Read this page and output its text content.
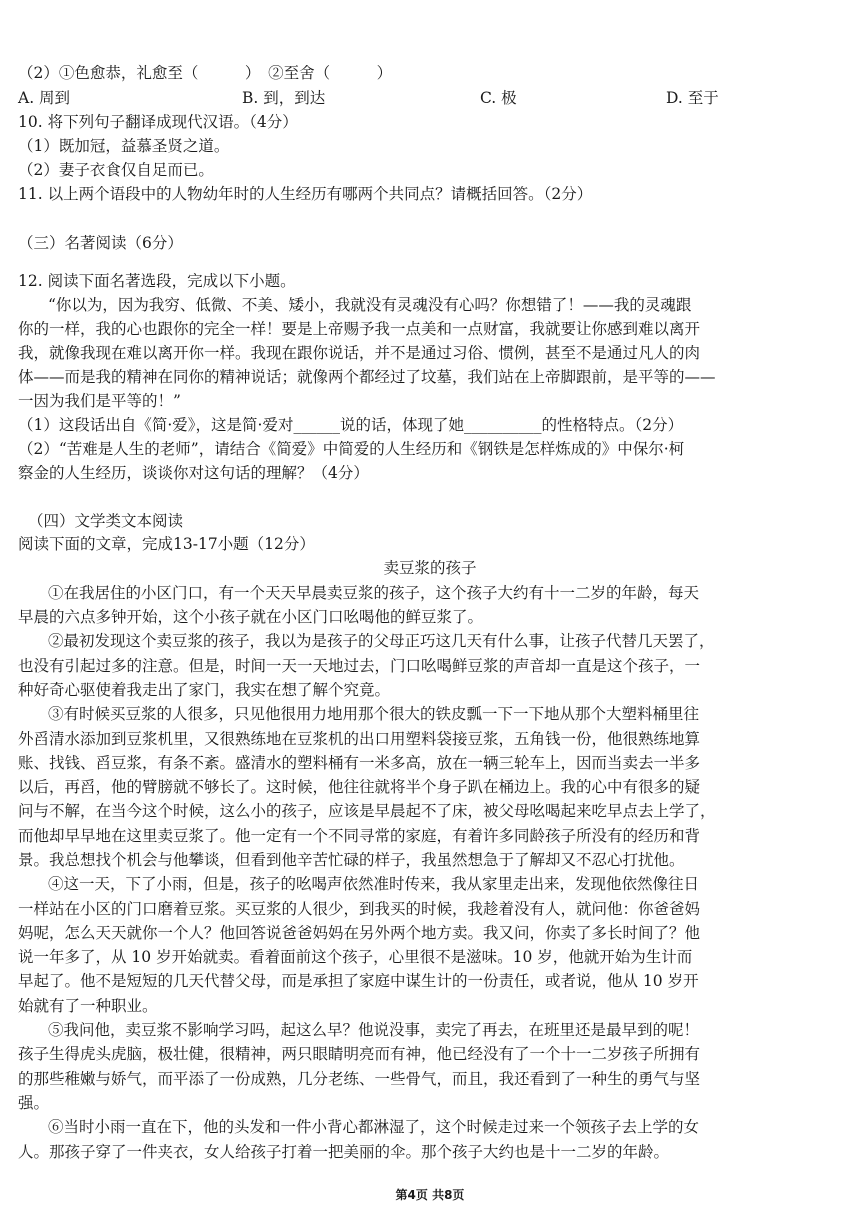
（2）①色愈恭，礼愈至（　　　）　②至舍（　　　）
A. 周到	B. 到，到达	C. 极	D. 至于
10. 将下列句子翻译成现代汉语。（4分）
（1）既加冠，益慕圣贤之道。
（2）妻子衣食仅自足而已。
11. 以上两个语段中的人物幼年时的人生经历有哪两个共同点？请概括回答。（2分）
（三）名著阅读（6分）
12. 阅读下面名著选段，完成以下小题。
“你以为，因为我穷、低微、不美、矮小，我就没有灵魂没有心吗？你想错了！——我的灵魂跟
你的一样，我的心也跟你的完全一样！要是上帝赐予我一点美和一点财富，我就要让你感到难以离开
我，就像我现在难以离开你一样。我现在跟你说话，并不是通过习俗、惯例，甚至不是通过凡人的肉
体——而是我的精神在同你的精神说话；就像两个都经过了坟墓，我们站在上帝脚跟前，是平等的——
一因为我们是平等的！”
（1）这段话出自《简·爱》，这是简·爱对______说的话，体现了她__________的性格特点。（2分）
（2）“苦难是人生的老师”，请结合《简爱》中简爱的人生经历和《钢铁是怎样炼成的》中保尔·柯
察金的人生经历，谈谈你对这句话的理解？（4分）
（四）文学类文本阅读
阅读下面的文章，完成13-17小题（12分）
卖豆浆的孩子
①在我居住的小区门口，有一个天天早晨卖豆浆的孩子，这个孩子大约有十一二岁的年龄，每天
早晨的六点多钟开始，这个小孩子就在小区门口吆喝他的鲜豆浆了。
②最初发现这个卖豆浆的孩子，我以为是孩子的父母正巧这几天有什么事，让孩子代替几天罢了，
也没有引起过多的注意。但是，时间一天一天地过去，门口吆喝鲜豆浆的声音却一直是这个孩子，一
种好奇心驱使着我走出了家门，我实在想了解个究竟。
③有时候买豆浆的人很多，只见他很用力地用那个很大的铁皮瓢一下一下地从那个大塑料桶里往
外舀清水添加到豆浆机里，又很熟练地在豆浆机的出口用塑料袋接豆浆，五角钱一份，他很熟练地算
账、找钱、舀豆浆，有条不紊。盛清水的塑料桶有一米多高，放在一辆三轮车上，因而当卖去一半多
以后，再舀，他的臂膀就不够长了。这时候，他往往就将半个身子趴在桶边上。我的心中有很多的疑
问与不解，在当今这个时候，这么小的孩子，应该是早晨起不了床，被父母吆喝起来吃早点去上学了，
而他却早早地在这里卖豆浆了。他一定有一个不同寻常的家庭，有着许多同龄孩子所没有的经历和背
景。我总想找个机会与他攀谈，但看到他辛苦忙碌的样子，我虽然想急于了解却又不忍心打扰他。
④这一天，下了小雨，但是，孩子的吆喝声依然准时传来，我从家里走出来，发现他依然像往日
一样站在小区的门口磨着豆浆。买豆浆的人很少，到我买的时候，我趁着没有人，就问他：你爸爸妈
妈呢，怎么天天就你一个人？他回答说爸爸妈妈在另外两个地方卖。我又问，你卖了多长时间了？他
说一年多了，从 10 岁开始就卖。看着面前这个孩子，心里很不是滋味。10 岁，他就开始为生计而
早起了。他不是短短的几天代替父母，而是承担了家庭中谋生计的一份责任，或者说，他从 10 岁开
始就有了一种职业。
⑤我问他，卖豆浆不影响学习吗，起这么早？他说没事，卖完了再去，在班里还是最早到的呢！
孩子生得虎头虎脑，极壮健，很精神，两只眼睛明亮而有神，他已经没有了一个十一二岁孩子所拥有
的那些稚嫩与娇气，而平添了一份成熟，几分老练、一些骨气，而且，我还看到了一种生的勇气与坚
强。
⑥当时小雨一直在下，他的头发和一件小背心都淋湿了，这个时候走过来一个领孩子去上学的女
人。那孩子穿了一件夹衣，女人给孩子打着一把美丽的伞。那个孩子大约也是十一二岁的年龄。
第4页 共8页
